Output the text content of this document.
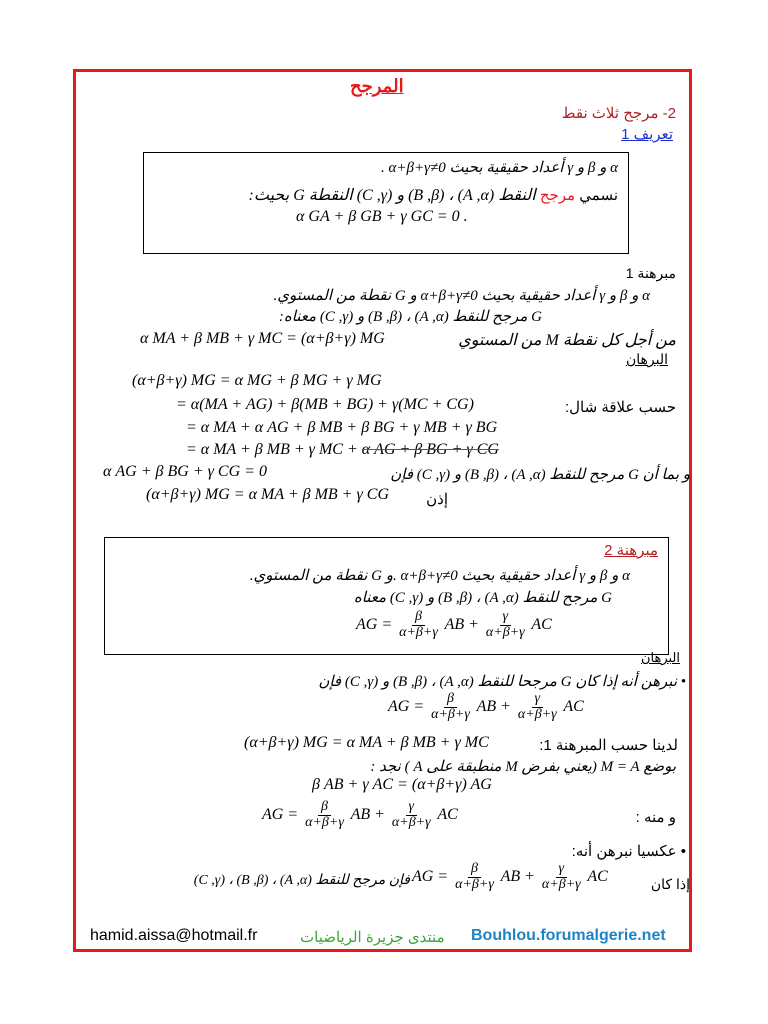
المرجح
2- مرجح ثلاث نقط
تعريف 1
α و β و γ أعداد حقيقية بحيث α+β+γ≠0 .
نسمي مرجح النقط (A ,α) ، (B ,β) و (C ,γ) النقطة G بحيث:
α GA + β GB + γ GC = 0 .
مبرهنة 1
α و β و γ أعداد حقيقية بحيث α+β+γ≠0 و G نقطة من المستوي.
G مرجح للنقط (A ,α) ، (B ,β) و (C ,γ) معناه:
من أجل كل نقطة M من المستوي
α MA + β MB + γ MC = (α+β+γ) MG
البرهان
(α+β+γ) MG = α MG + β MG + γ MG
حسب علاقة شال:
= α(MA + AG) + β(MB + BG) + γ(MC + CG)
= α MA + α AG + β MB + β BG + γ MB + γ BG
= α MA + β MB + γ MC + α AG + β BG + γ CG
α AG + β BG + γ CG = 0	و بما أن G مرجح للنقط (A ,α) ، (B ,β) و (C ,γ) فإن
(α+β+γ) MG = α MA + β MB + γ CG إذن
مبرهنة 2
α و β و γ أعداد حقيقية بحيث α+β+γ≠0 .و G نقطة من المستوي.
G مرجح للنقط (A ,α) ، (B ,β) و (C ,γ) معناه
AG = $\frac{\beta}{\alpha+\beta+\gamma}$ AB + $\frac{\gamma}{\alpha+\beta+\gamma}$ AC
البرهان
• نبرهن أنه إذا كان G مرجحا للنقط (A ,α) ، (B ,β) و (C ,γ) فإن
AG = $\frac{\beta}{\alpha+\beta+\gamma}$ AB + $\frac{\gamma}{\alpha+\beta+\gamma}$ AC
(α+β+γ) MG = α MA + β MB + γ MC	لدينا حسب المبرهنة 1:
بوضع M = A (يعني بفرض M منطبقة على A ) نجد :
β AB + γ AC = (α+β+γ) AG
و منه :
AG = $\frac{\beta}{\alpha+\beta+\gamma}$ AB + $\frac{\gamma}{\alpha+\beta+\gamma}$ AC
• عكسيا نبرهن أنه:
إذا كان
AG = $\frac{\beta}{\alpha+\beta+\gamma}$ AB + $\frac{\gamma}{\alpha+\beta+\gamma}$ AC
فإن مرجح للنقط (A ,α) ، (B ,β) ، (C ,γ)
hamid.aissa@hotmail.fr	منتدى جزيرة الرياضيات Bouhlou.forumalgerie.net
